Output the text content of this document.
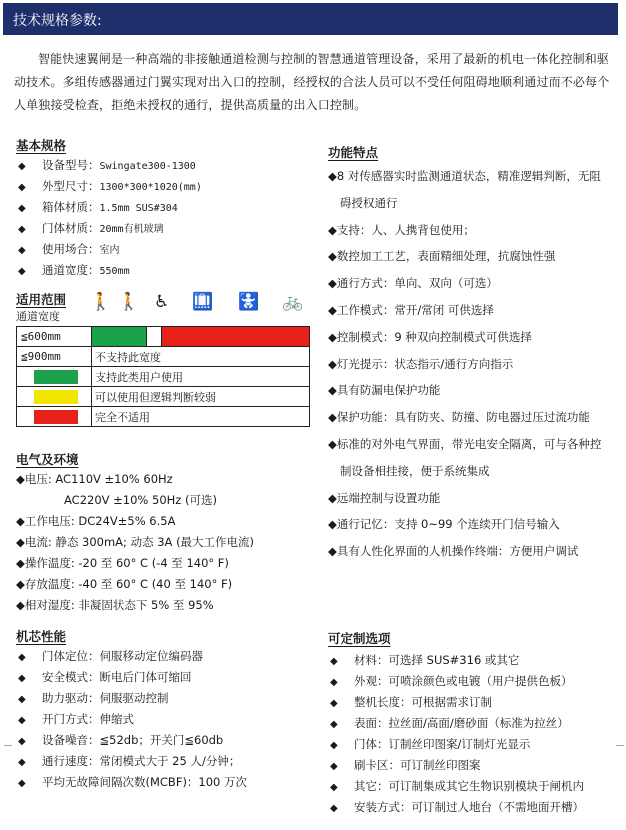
技术规格参数:
智能快速翼闸是一种高端的非接触通道检测与控制的智慧通道管理设备，采用了最新的机电一体化控制和驱动技术。多组传感器通过门翼实现对出入口的控制，经授权的合法人员可以不受任何阻碍地顺利通过而不必每个人单独接受检查，拒绝未授权的通行，提供高质量的出入口控制。
基本规格
适用范围
通道宽度
🚶 🚶 ♿ 🛄 🚼 🚲
≦600mm	

≦900mm	不支持此宽度

	支持此类用户使用

	可以使用但逻辑判断较弱

	完全不适用
电气及环境
机芯性能
功能特点
可定制选项
◆ 设备型号：Swingate300-1300
◆ 外型尺寸：1300*300*1020(mm)
◆ 箱体材质：1.5mm SUS#304
◆ 门体材质：20mm有机玻璃
◆ 使用场合：室内
◆ 通道宽度：550mm
◆电压: AC110V ±10% 60Hz
AC220V ±10% 50Hz (可选)
◆工作电压: DC24V±5% 6.5A
◆电流: 静态 300mA; 动态 3A (最大工作电流)
◆操作温度: -20 至 60° C (-4 至 140° F)
◆存放温度: -40 至 60° C (40 至 140° F)
◆相对湿度: 非凝固状态下 5% 至 95%
◆ 门体定位：伺服移动定位编码器
◆ 安全模式：断电后门体可缩回
◆ 助力驱动：伺服驱动控制
◆ 开门方式：伸缩式
◆ 设备噪音：≦52db；开关门≦60db
◆ 通行速度：常闭模式大于 25 人/分钟；
◆ 平均无故障间隔次数(MCBF)：100 万次
◆8 对传感器实时监测通道状态，精准逻辑判断，无阻
碍授权通行
◆支持：人、人携背包使用；
◆数控加工工艺，表面精细处理，抗腐蚀性强
◆通行方式：单向、双向（可选）
◆工作模式：常开/常闭 可供选择
◆控制模式：9 种双向控制模式可供选择
◆灯光提示：状态指示/通行方向指示
◆具有防漏电保护功能
◆保护功能：具有防夹、防撞、防电器过压过流功能
◆标准的对外电气界面，带光电安全隔离，可与各种控
制设备相挂接，便于系统集成
◆远端控制与设置功能
◆通行记忆：支持 0~99 个连续开门信号输入
◆具有人性化界面的人机操作终端：方便用户调试
◆ 材料：可选择 SUS#316 或其它
◆ 外观：可喷涂颜色或电镀（用户提供色板）
◆ 整机长度：可根据需求订制
◆ 表面：拉丝面/高面/磨砂面（标准为拉丝）
◆ 门体：订制丝印图案/订制灯光显示
◆ 刷卡区：可订制丝印图案
◆ 其它：可订制集成其它生物识别模块于闸机内
◆ 安装方式：可订制过人地台（不需地面开槽）
